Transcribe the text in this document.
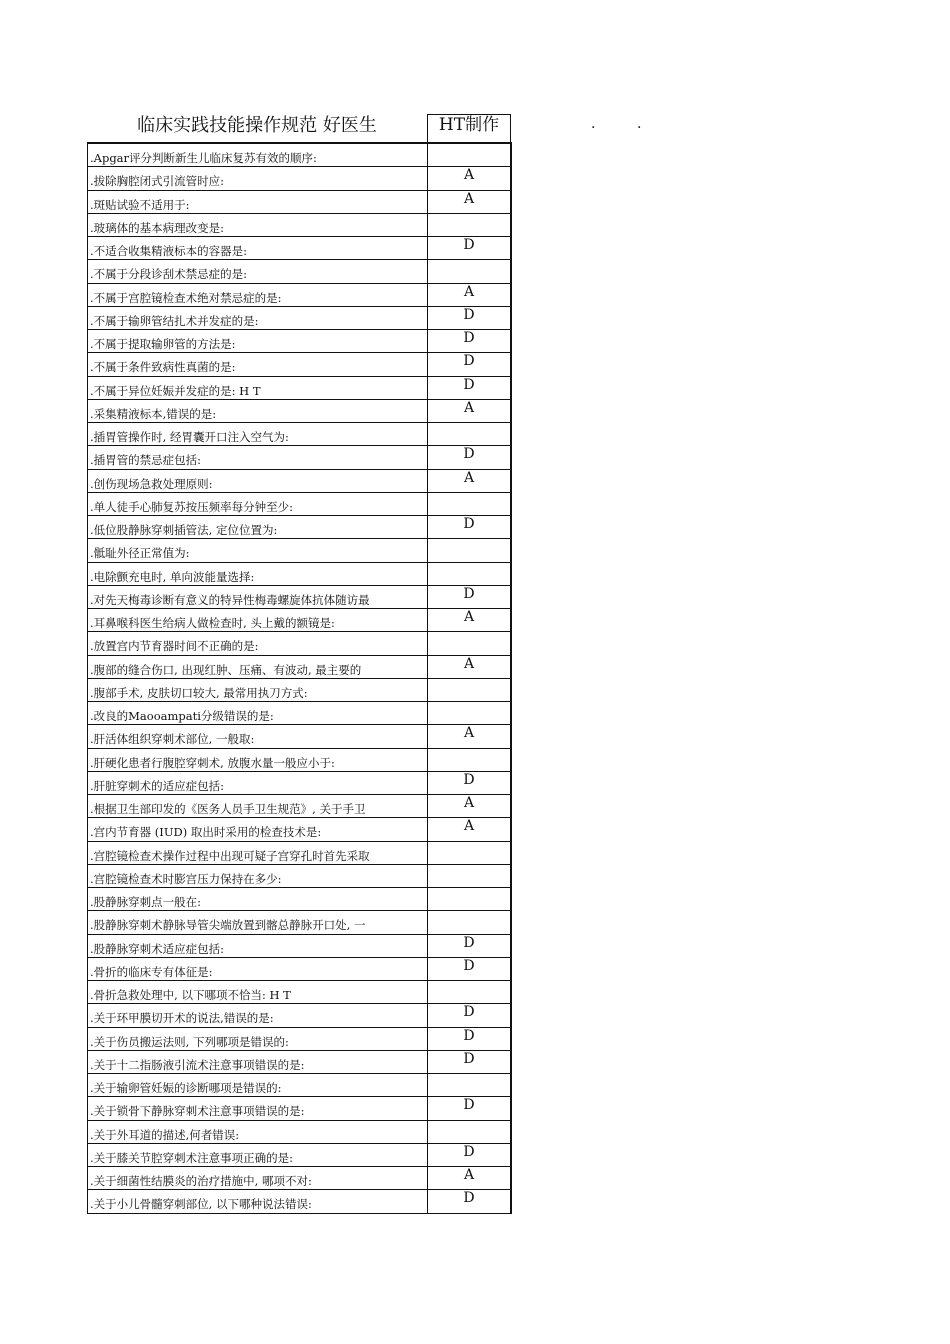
临床实践技能操作规范 好医生	HT制作	.	.
.Apgar评分判断新生儿临床复苏有效的顺序:
.拔除胸腔闭式引流管时应:	A
.斑贴试验不适用于:	A
.玻璃体的基本病理改变是:
.不适合收集精液标本的容器是:	D
.不属于分段诊刮术禁忌症的是:
.不属于宫腔镜检查术绝对禁忌症的是:	A
.不属于输卵管结扎术并发症的是:	D
.不属于提取输卵管的方法是:	D
.不属于条件致病性真菌的是:	D
.不属于异位妊娠并发症的是: H T	D
.采集精液标本,错误的是:	A
.插胃管操作时, 经胃囊开口注入空气为:
.插胃管的禁忌症包括:	D
.创伤现场急救处理原则:	A
.单人徒手心肺复苏按压频率每分钟至少:
.低位股静脉穿刺插管法, 定位位置为:	D
.骶耻外径正常值为:
.电除颤充电时, 单向波能量选择:
.对先天梅毒诊断有意义的特异性梅毒螺旋体抗体随访最	D
.耳鼻喉科医生给病人做检查时, 头上戴的额镜是:	A
.放置宫内节育器时间不正确的是:
.腹部的缝合伤口, 出现红肿、压痛、有波动, 最主要的	A
.腹部手术, 皮肤切口较大, 最常用执刀方式:
.改良的Maooampati分级错误的是:
.肝活体组织穿刺术部位, 一般取:	A
.肝硬化患者行腹腔穿刺术, 放腹水量一般应小于:
.肝脏穿刺术的适应症包括:	D
.根据卫生部印发的《医务人员手卫生规范》, 关于手卫	A
.宫内节育器 (IUD) 取出时采用的检查技术是:	A
.宫腔镜检查术操作过程中出现可疑子宫穿孔时首先采取
.宫腔镜检查术时膨宫压力保持在多少:
.股静脉穿刺点一般在:
.股静脉穿刺术静脉导管尖端放置到髂总静脉开口处, 一
.股静脉穿刺术适应症包括:	D
.骨折的临床专有体征是:	D
.骨折急救处理中, 以下哪项不恰当: H T
.关于环甲膜切开术的说法,错误的是:	D
.关于伤员搬运法则, 下列哪项是错误的:	D
.关于十二指肠液引流术注意事项错误的是:	D
.关于输卵管妊娠的诊断哪项是错误的:
.关于锁骨下静脉穿刺术注意事项错误的是:	D
.关于外耳道的描述,何者错误:
.关于膝关节腔穿刺术注意事项正确的是:	D
.关于细菌性结膜炎的治疗措施中, 哪项不对:	A
.关于小儿骨髓穿刺部位, 以下哪种说法错误:	D
